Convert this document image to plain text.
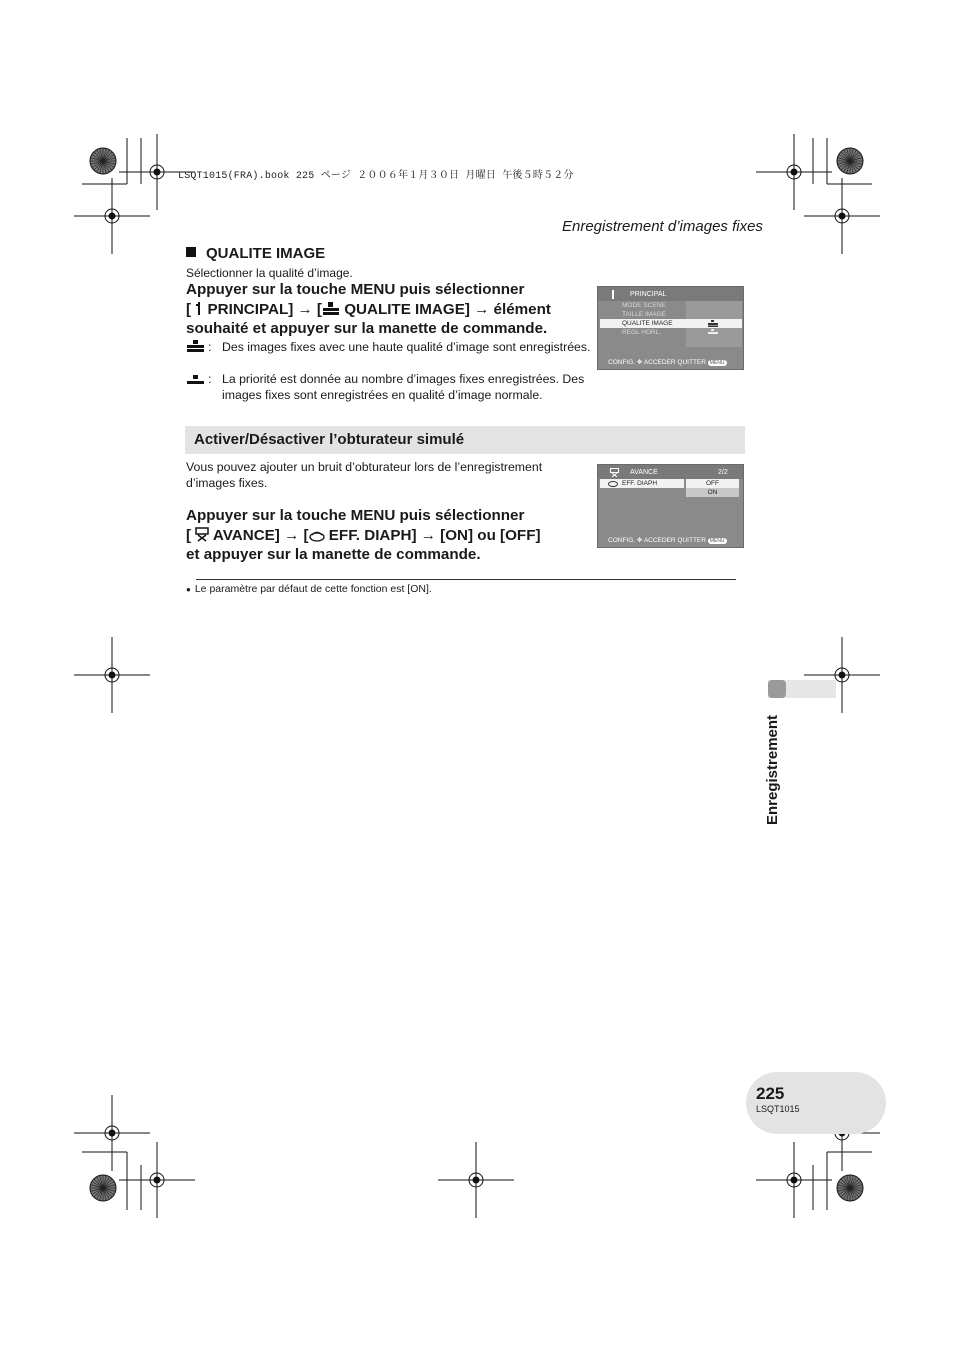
LSQT1015(FRA).book 225 ページ ２００６年１月３０日 月曜日 午後５時５２分
Enregistrement d’images fixes
QUALITE IMAGE
Sélectionner la qualité d’image.
Appuyer sur la touche MENU puis sélectionner
[  PRINCIPAL] → [ QUALITE IMAGE] → élément
souhaité et appuyer sur la manette de commande.
: Des images fixes avec une haute qualité d’image sont enregistrées.
: La priorité est donnée au nombre d’images fixes enregistrées. Des images fixes sont enregistrées en qualité d’image normale.
PRINCIPAL
MODE SCENE
TAILLE IMAGE
QUALITE IMAGE
REGL HORL.
CONFIG. ✥ ACCEDER QUITTER MENU
Activer/Désactiver l’obturateur simulé
Vous pouvez ajouter un bruit d’obturateur lors de l’enregistrement d’images fixes.
Appuyer sur la touche MENU puis sélectionner
[  AVANCE] → [ EFF. DIAPH] → [ON] ou [OFF]
et appuyer sur la manette de commande.
AVANCE	2/2
EFF. DIAPH	OFF
ON
CONFIG. ✥ ACCEDER QUITTER MENU
● Le paramètre par défaut de cette fonction est [ON].
Enregistrement
225
LSQT1015
